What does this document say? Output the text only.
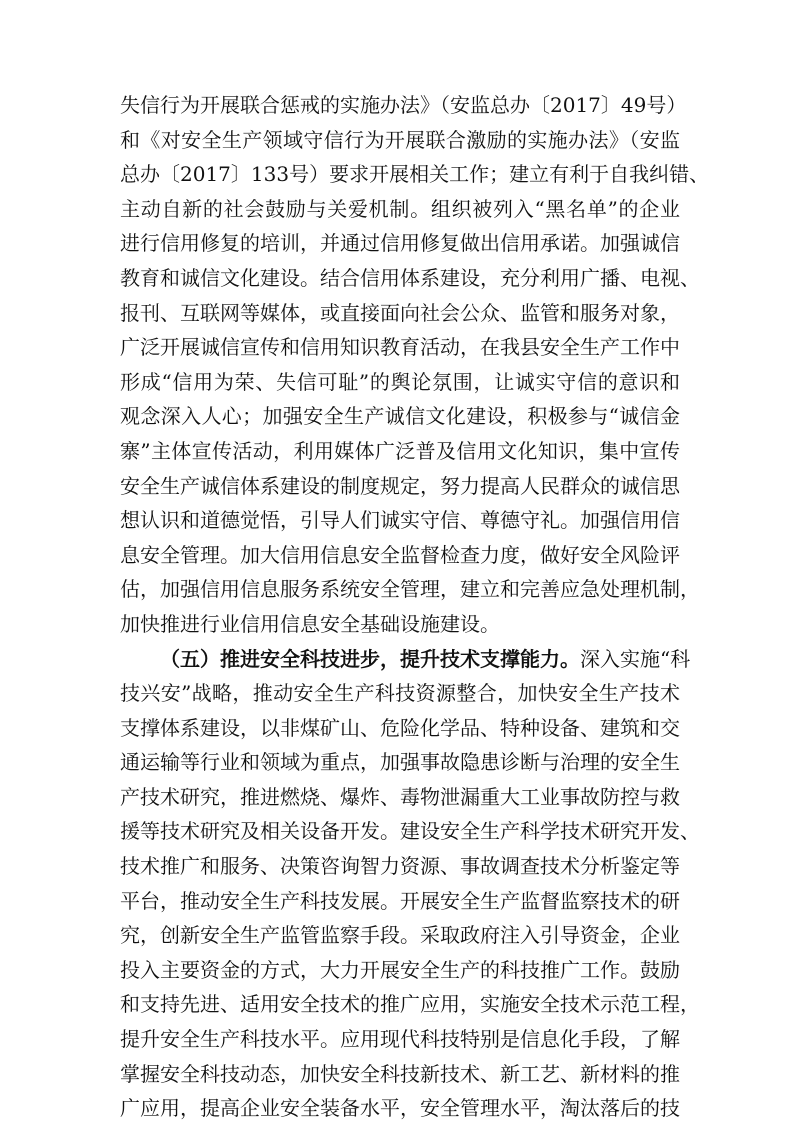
失信行为开展联合惩戒的实施办法》（安监总办〔2017〕49号）
和《对安全生产领域守信行为开展联合激励的实施办法》（安监
总办〔2017〕133号）要求开展相关工作；建立有利于自我纠错、
主动自新的社会鼓励与关爱机制。组织被列入“黑名单”的企业
进行信用修复的培训，并通过信用修复做出信用承诺。加强诚信
教育和诚信文化建设。结合信用体系建设，充分利用广播、电视、
报刊、互联网等媒体，或直接面向社会公众、监管和服务对象，
广泛开展诚信宣传和信用知识教育活动，在我县安全生产工作中
形成“信用为荣、失信可耻”的舆论氛围，让诚实守信的意识和
观念深入人心；加强安全生产诚信文化建设，积极参与“诚信金
寨”主体宣传活动，利用媒体广泛普及信用文化知识，集中宣传
安全生产诚信体系建设的制度规定，努力提高人民群众的诚信思
想认识和道德觉悟，引导人们诚实守信、尊德守礼。加强信用信
息安全管理。加大信用信息安全监督检查力度，做好安全风险评
估，加强信用信息服务系统安全管理，建立和完善应急处理机制，
加快推进行业信用信息安全基础设施建设。
（五）推进安全科技进步，提升技术支撑能力。深入实施“科
技兴安”战略，推动安全生产科技资源整合，加快安全生产技术
支撑体系建设，以非煤矿山、危险化学品、特种设备、建筑和交
通运输等行业和领域为重点，加强事故隐患诊断与治理的安全生
产技术研究，推进燃烧、爆炸、毒物泄漏重大工业事故防控与救
援等技术研究及相关设备开发。建设安全生产科学技术研究开发、
技术推广和服务、决策咨询智力资源、事故调查技术分析鉴定等
平台，推动安全生产科技发展。开展安全生产监督监察技术的研
究，创新安全生产监管监察手段。采取政府注入引导资金，企业
投入主要资金的方式，大力开展安全生产的科技推广工作。鼓励
和支持先进、适用安全技术的推广应用，实施安全技术示范工程，
提升安全生产科技水平。应用现代科技特别是信息化手段，了解
掌握安全科技动态，加快安全科技新技术、新工艺、新材料的推
广应用，提高企业安全装备水平，安全管理水平，淘汰落后的技
